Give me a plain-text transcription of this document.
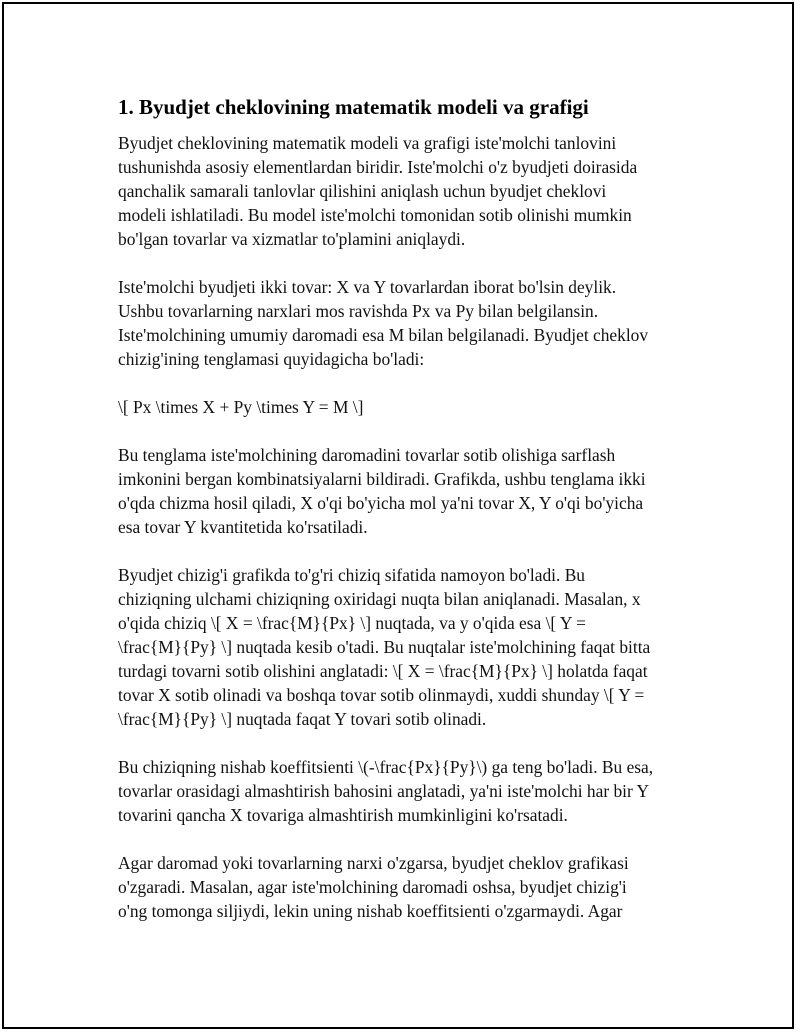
1. Byudjet cheklovining matematik modeli va grafigi
Byudjet cheklovining matematik modeli va grafigi iste'molchi tanlovini
tushunishda asosiy elementlardan biridir. Iste'molchi o'z byudjeti doirasida
qanchalik samarali tanlovlar qilishini aniqlash uchun byudjet cheklovi
modeli ishlatiladi. Bu model iste'molchi tomonidan sotib olinishi mumkin
bo'lgan tovarlar va xizmatlar to'plamini aniqlaydi.
Iste'molchi byudjeti ikki tovar: X va Y tovarlardan iborat bo'lsin deylik.
Ushbu tovarlarning narxlari mos ravishda Px va Py bilan belgilansin.
Iste'molchining umumiy daromadi esa M bilan belgilanadi. Byudjet cheklov
chizig'ining tenglamasi quyidagicha bo'ladi:
\[ Px \times X + Py \times Y = M \]
Bu tenglama iste'molchining daromadini tovarlar sotib olishiga sarflash
imkonini bergan kombinatsiyalarni bildiradi. Grafikda, ushbu tenglama ikki
o'qda chizma hosil qiladi, X o'qi bo'yicha mol ya'ni tovar X, Y o'qi bo'yicha
esa tovar Y kvantitetida ko'rsatiladi.
Byudjet chizig'i grafikda to'g'ri chiziq sifatida namoyon bo'ladi. Bu
chiziqning ulchami chiziqning oxiridagi nuqta bilan aniqlanadi. Masalan, x
o'qida chiziq \[ X = \frac{M}{Px} \] nuqtada, va y o'qida esa \[ Y =
\frac{M}{Py} \] nuqtada kesib o'tadi. Bu nuqtalar iste'molchining faqat bitta
turdagi tovarni sotib olishini anglatadi: \[ X = \frac{M}{Px} \] holatda faqat
tovar X sotib olinadi va boshqa tovar sotib olinmaydi, xuddi shunday \[ Y =
\frac{M}{Py} \] nuqtada faqat Y tovari sotib olinadi.
Bu chiziqning nishab koeffitsienti \(-\frac{Px}{Py}\) ga teng bo'ladi. Bu esa,
tovarlar orasidagi almashtirish bahosini anglatadi, ya'ni iste'molchi har bir Y
tovarini qancha X tovariga almashtirish mumkinligini ko'rsatadi.
Agar daromad yoki tovarlarning narxi o'zgarsa, byudjet cheklov grafikasi
o'zgaradi. Masalan, agar iste'molchining daromadi oshsa, byudjet chizig'i
o'ng tomonga siljiydi, lekin uning nishab koeffitsienti o'zgarmaydi. Agar
